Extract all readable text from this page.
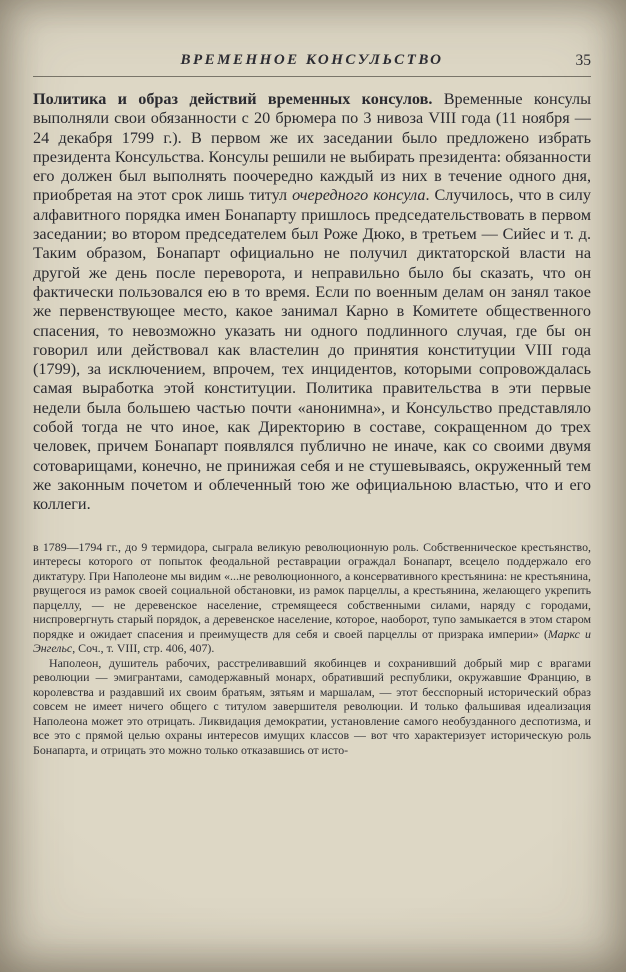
ВРЕМЕННОЕ КОНСУЛЬСТВО	35

Политика и образ действий временных консулов. Временные консулы выполняли свои обязанности с 20 брюмера по 3 нивоза VIII года (11 ноября — 24 декабря 1799 г.). В первом же их заседании было предложено избрать президента Консульства. Консулы решили не выбирать президента: обязанности его должен был выполнять поочередно каждый из них в течение одного дня, приобретая на этот срок лишь титул очередного консула. Случилось, что в силу алфавитного порядка имен Бонапарту пришлось председательствовать в первом заседании; во втором председателем был Роже Дюко, в третьем — Сийес и т. д. Таким образом, Бонапарт официально не получил диктаторской власти на другой же день после переворота, и неправильно было бы сказать, что он фактически пользовался ею в то время. Если по военным делам он занял такое же первенствующее место, какое занимал Карно в Комитете общественного спасения, то невозможно указать ни одного подлинного случая, где бы он говорил или действовал как властелин до принятия конституции VIII года (1799), за исключением, впрочем, тех инцидентов, которыми сопровождалась самая выработка этой конституции. Политика правительства в эти первые недели была большею частью почти «анонимна», и Консульство представляло собой тогда не что иное, как Директорию в составе, сокращенном до трех человек, причем Бонапарт появлялся публично не иначе, как со своими двумя сотоварищами, конечно, не принижая себя и не стушевываясь, окруженный тем же законным почетом и облеченный тою же официальною властью, что и его коллеги.

в 1789—1794 гг., до 9 термидора, сыграла великую революционную роль. Собственническое крестьянство, интересы которого от попыток феодальной реставрации ограждал Бонапарт, всецело поддержало его диктатуру. При Наполеоне мы видим «...не революционного, а консервативного крестьянина: не крестьянина, рвущегося из рамок своей социальной обстановки, из рамок парцеллы, а крестьянина, желающего укрепить парцеллу, — не деревенское население, стремящееся собственными силами, наряду с городами, ниспровергнуть старый порядок, а деревенское население, которое, наоборот, тупо замыкается в этом старом порядке и ожидает спасения и преимуществ для себя и своей парцеллы от призрака империи» (Маркс и Энгельс, Соч., т. VIII, стр. 406, 407).

Наполеон, душитель рабочих, расстреливавший якобинцев и сохранивший добрый мир с врагами революции — эмигрантами, самодержавный монарх, обративший республики, окружавшие Францию, в королевства и раздавший их своим братьям, зятьям и маршалам, — этот бесспорный исторический образ совсем не имеет ничего общего с титулом завершителя революции. И только фальшивая идеализация Наполеона может это отрицать. Ликвидация демократии, установление самого необузданного деспотизма, и все это с прямой целью охраны интересов имущих классов — вот что характеризует историческую роль Бонапарта, и отрицать это можно только отказавшись от исто-
